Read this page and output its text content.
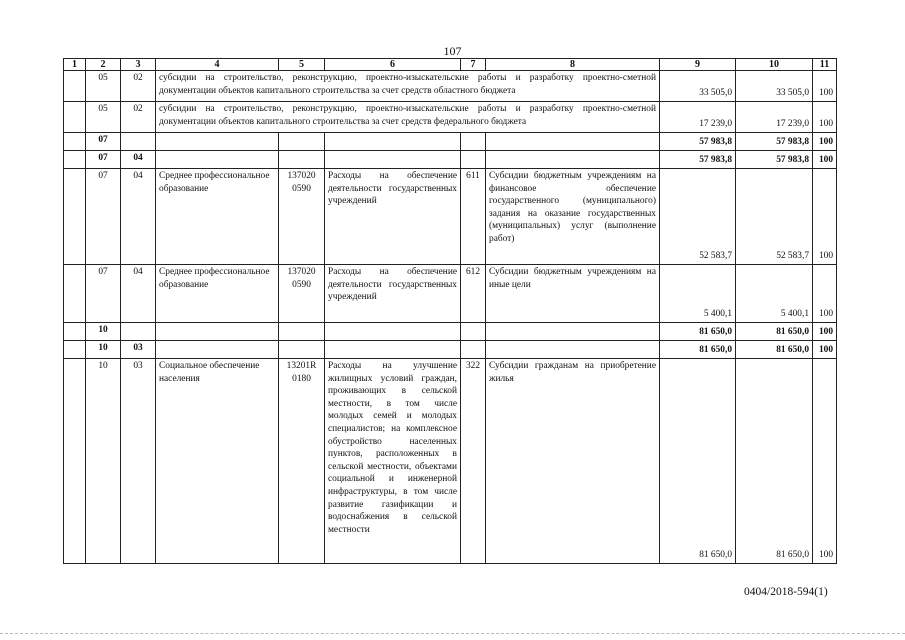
107
1	2	3	4	5	6	7	8	9	10	11
	05	02	субсидии на строительство, реконструкцию, проектно-изыскательские работы и разработку проектно-сметной документации объектов капитального строительства за счет средств областного бюджета					33 505,0	33 505,0	100
	05	02	субсидии на строительство, реконструкцию, проектно-изыскательские работы и разработку проектно-сметной документации объектов капитального строительства за счет средств федерального бюджета					17 239,0	17 239,0	100
	07							57 983,8	57 983,8	100
	07	04						57 983,8	57 983,8	100
	07	04	Среднее профессиональное образование	137020 0590	Расходы на обеспечение деятельности государственных учреждений	611	Субсидии бюджетным учреждениям на финансовое обеспечение государственного (муниципального) задания на оказание государственных (муниципальных) услуг (выполнение работ)	52 583,7	52 583,7	100
	07	04	Среднее профессиональное образование	137020 0590	Расходы на обеспечение деятельности государственных учреждений	612	Субсидии бюджетным учреждениям на иные цели	5 400,1	5 400,1	100
	10							81 650,0	81 650,0	100
	10	03						81 650,0	81 650,0	100
	10	03	Социальное обеспечение населения	13201R 0180	Расходы на улучшение жилищных условий граждан, проживающих в сельской местности, в том числе молодых семей и молодых специалистов; на комплексное обустройство населенных пунктов, расположенных в сельской местности, объектами социальной и инженерной инфраструктуры, в том числе развитие газификации и водоснабжения в сельской местности	322	Субсидии гражданам на приобретение жилья	81 650,0	81 650,0	100
0404/2018-594(1)
